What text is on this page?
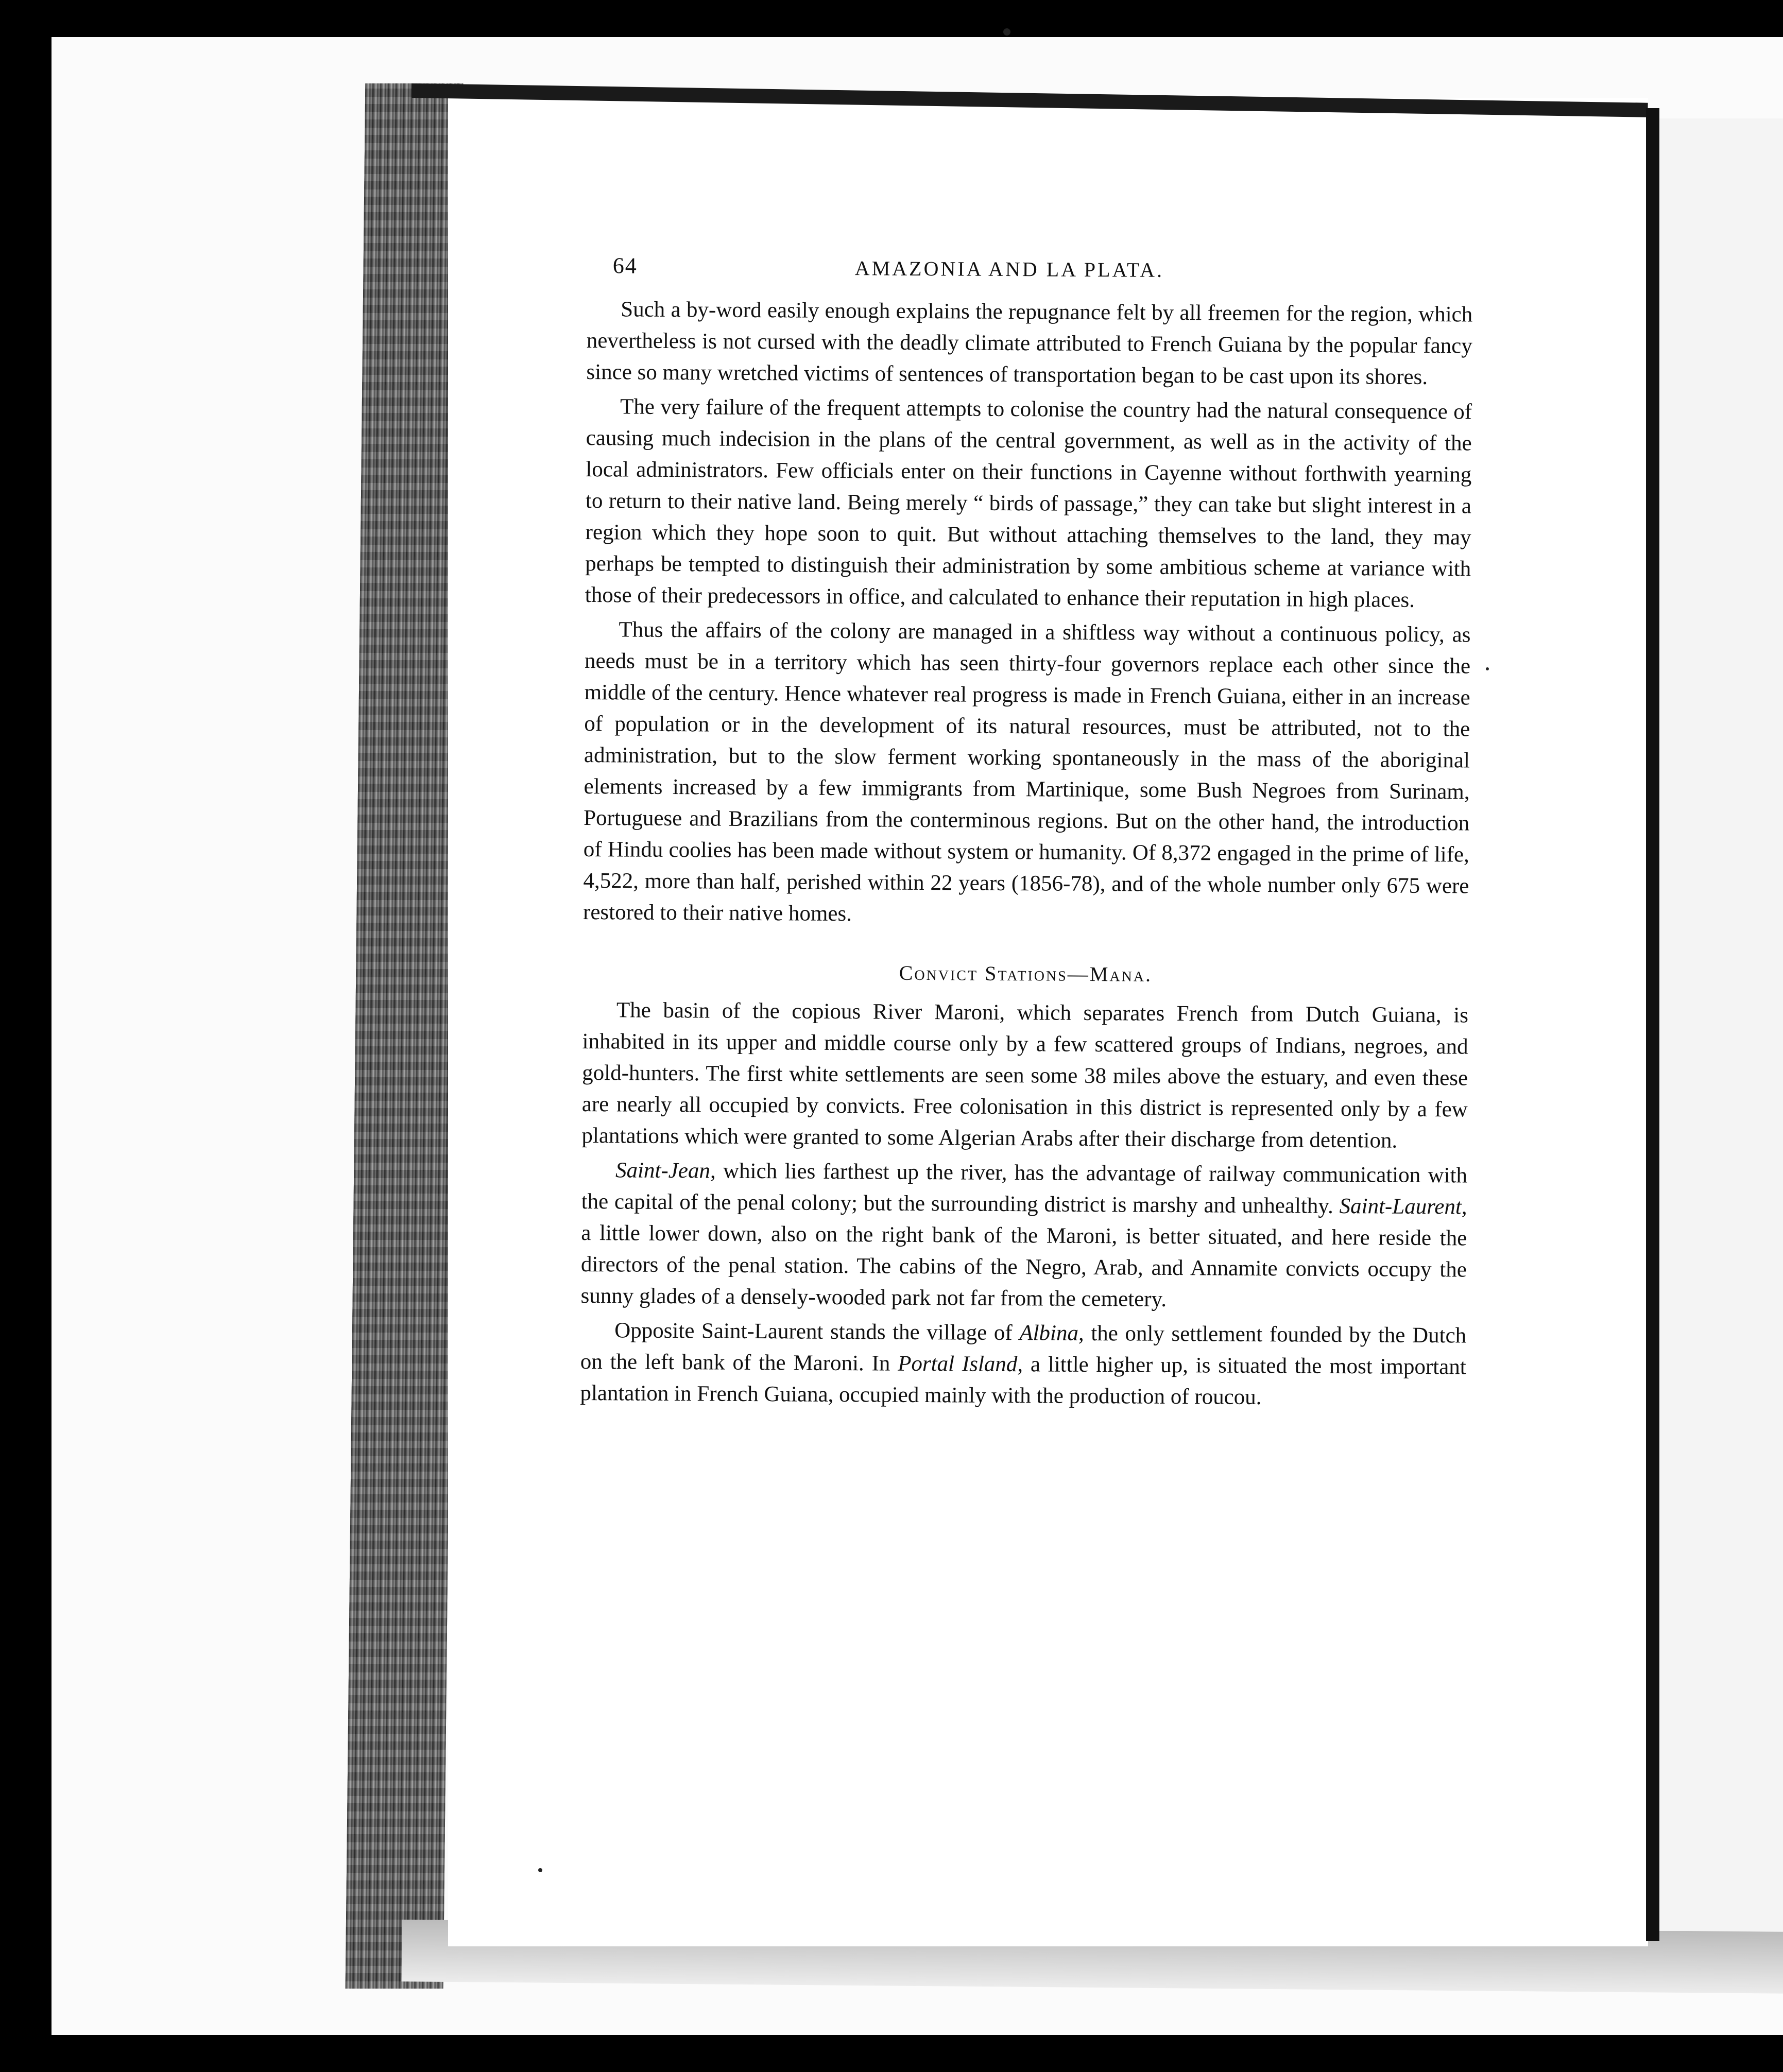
64	AMAZONIA AND LA PLATA.

Such a by-word easily enough explains the repugnance felt by all freemen for the region, which nevertheless is not cursed with the deadly climate attributed to French Guiana by the popular fancy since so many wretched victims of sentences of transportation began to be cast upon its shores.

The very failure of the frequent attempts to colonise the country had the natural consequence of causing much indecision in the plans of the central government, as well as in the activity of the local administrators. Few officials enter on their functions in Cayenne without forthwith yearning to return to their native land. Being merely “ birds of passage,” they can take but slight interest in a region which they hope soon to quit. But without attaching themselves to the land, they may perhaps be tempted to distinguish their administration by some ambitious scheme at variance with those of their predecessors in office, and calculated to enhance their reputation in high places.

Thus the affairs of the colony are managed in a shiftless way without a continuous policy, as needs must be in a territory which has seen thirty-four governors replace each other since the middle of the century. Hence whatever real progress is made in French Guiana, either in an increase of population or in the development of its natural resources, must be attributed, not to the administration, but to the slow ferment working spontaneously in the mass of the aboriginal elements increased by a few immigrants from Martinique, some Bush Negroes from Surinam, Portuguese and Brazilians from the conterminous regions. But on the other hand, the introduction of Hindu coolies has been made without system or humanity. Of 8,372 engaged in the prime of life, 4,522, more than half, perished within 22 years (1856-78), and of the whole number only 675 were restored to their native homes.

Convict Stations—Mana.

The basin of the copious River Maroni, which separates French from Dutch Guiana, is inhabited in its upper and middle course only by a few scattered groups of Indians, negroes, and gold-hunters. The first white settlements are seen some 38 miles above the estuary, and even these are nearly all occupied by convicts. Free colonisation in this district is represented only by a few plantations which were granted to some Algerian Arabs after their discharge from detention.

Saint-Jean, which lies farthest up the river, has the advantage of railway communication with the capital of the penal colony; but the surrounding district is marshy and unhealthy. Saint-Laurent, a little lower down, also on the right bank of the Maroni, is better situated, and here reside the directors of the penal station. The cabins of the Negro, Arab, and Annamite convicts occupy the sunny glades of a densely-wooded park not far from the cemetery.

Opposite Saint-Laurent stands the village of Albina, the only settlement founded by the Dutch on the left bank of the Maroni. In Portal Island, a little higher up, is situated the most important plantation in French Guiana, occupied mainly with the production of roucou.
